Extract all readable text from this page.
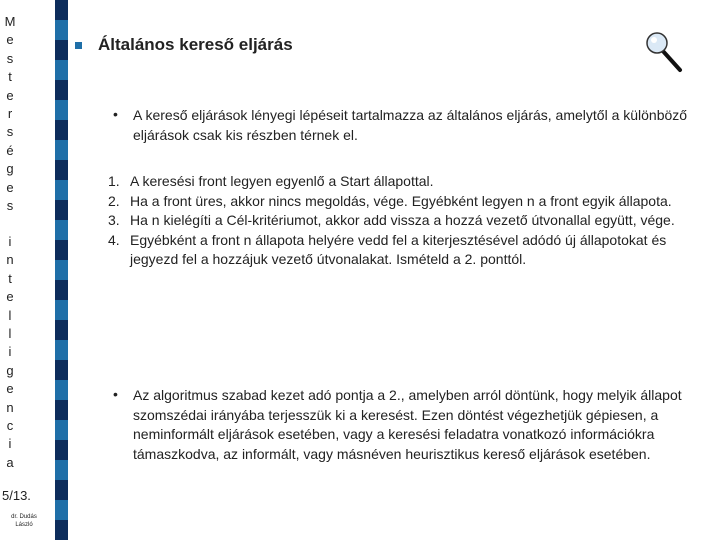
M
e
s
t
e
r
s
é
g
e
s
i
n
t
e
l
l
i
g
e
n
c
i
a
5/13.
dr. Dudás
László
Általános kereső eljárás
• A kereső eljárások lényegi lépéseit tartalmazza az általános eljárás, amelytől a különböző eljárások csak kis részben térnek el.
1. A keresési front legyen egyenlő a Start állapottal.
2. Ha a front üres, akkor nincs megoldás, vége. Egyébként legyen n a front egyik állapota.
3. Ha n kielégíti a Cél-kritériumot, akkor add vissza a hozzá vezető útvonallal együtt, vége.
4. Egyébként a front n állapota helyére vedd fel a kiterjesztésével adódó új állapotokat és jegyezd fel a hozzájuk vezető útvonalakat. Ismételd a 2. ponttól.
• Az algoritmus szabad kezet adó pontja a 2., amelyben arról döntünk, hogy melyik állapot szomszédai irányába terjesszük ki a keresést. Ezen döntést végezhetjük gépiesen, a neminformált eljárások esetében, vagy a keresési feladatra vonatkozó információkra támaszkodva, az informált, vagy másnéven heurisztikus kereső eljárások esetében.
